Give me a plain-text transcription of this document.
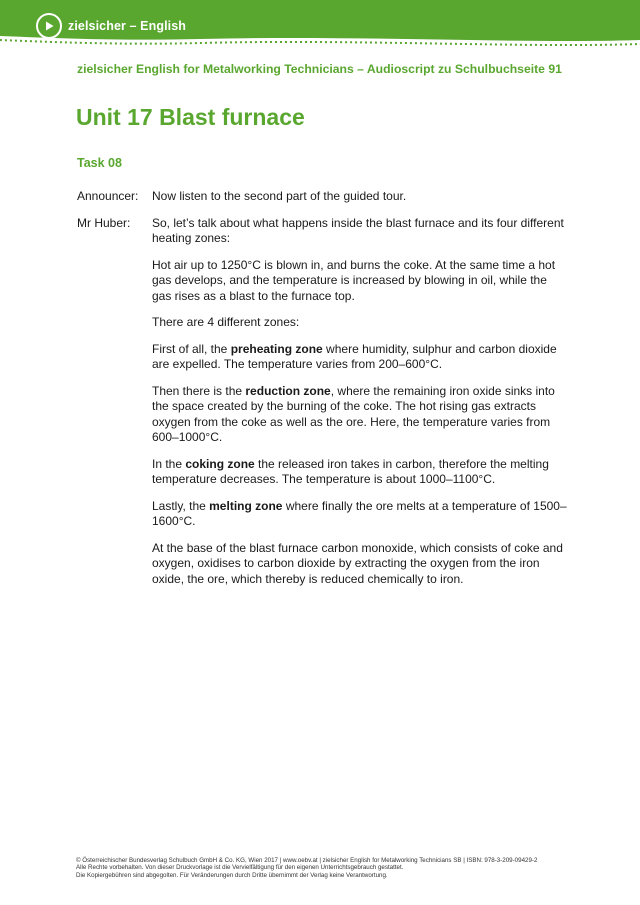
zielsicher – English
zielsicher English for Metalworking Technicians – Audioscript zu Schulbuchseite 91
Unit 17 Blast furnace
Task 08
Announcer:	Now listen to the second part of the guided tour.

Mr Huber:	So, let’s talk about what happens inside the blast furnace and its four different heating zones:

Hot air up to 1250°C is blown in, and burns the coke. At the same time a hot gas develops, and the temperature is increased by blowing in oil, while the gas rises as a blast to the furnace top.

There are 4 different zones:

First of all, the preheating zone where humidity, sulphur and carbon dioxide are expelled. The temperature varies from 200–600°C.

Then there is the reduction zone, where the remaining iron oxide sinks into the space created by the burning of the coke. The hot rising gas extracts oxygen from the coke as well as the ore. Here, the temperature varies from 600–1000°C.

In the coking zone the released iron takes in carbon, therefore the melting temperature decreases. The temperature is about 1000–1100°C.

Lastly, the melting zone where finally the ore melts at a temperature of 1500–1600°C.

At the base of the blast furnace carbon monoxide, which consists of coke and oxygen, oxidises to carbon dioxide by extracting the oxygen from the iron oxide, the ore, which thereby is reduced chemically to iron.

© Österreichischer Bundesverlag Schulbuch GmbH & Co. KG, Wien 2017 | www.oebv.at | zielsicher English for Metalworking Technicians SB | ISBN: 978-3-209-09429-2
Alle Rechte vorbehalten. Von dieser Druckvorlage ist die Vervielfältigung für den eigenen Unterrichtsgebrauch gestattet.
Die Kopiergebühren sind abgegolten. Für Veränderungen durch Dritte übernimmt der Verlag keine Verantwortung.
